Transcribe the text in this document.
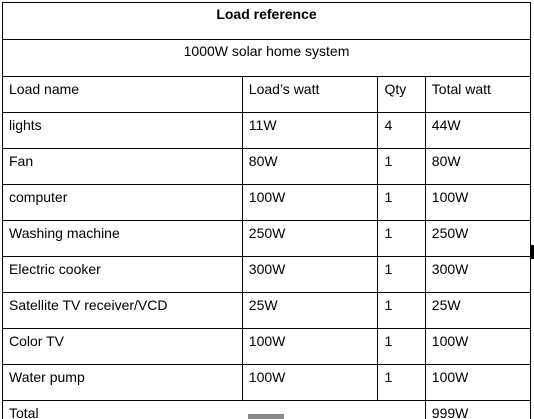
Load reference			
1000W solar home system			
Load name	Load’s watt	Qty	Total watt
lights	11W	4	44W
Fan	80W	1	80W
computer	100W	1	100W
Washing machine	250W	1	250W
Electric cooker	300W	1	300W
Satellite TV receiver/VCD	25W	1	25W
Color TV	100W	1	100W
Water pump	100W	1	100W
Total			999W
